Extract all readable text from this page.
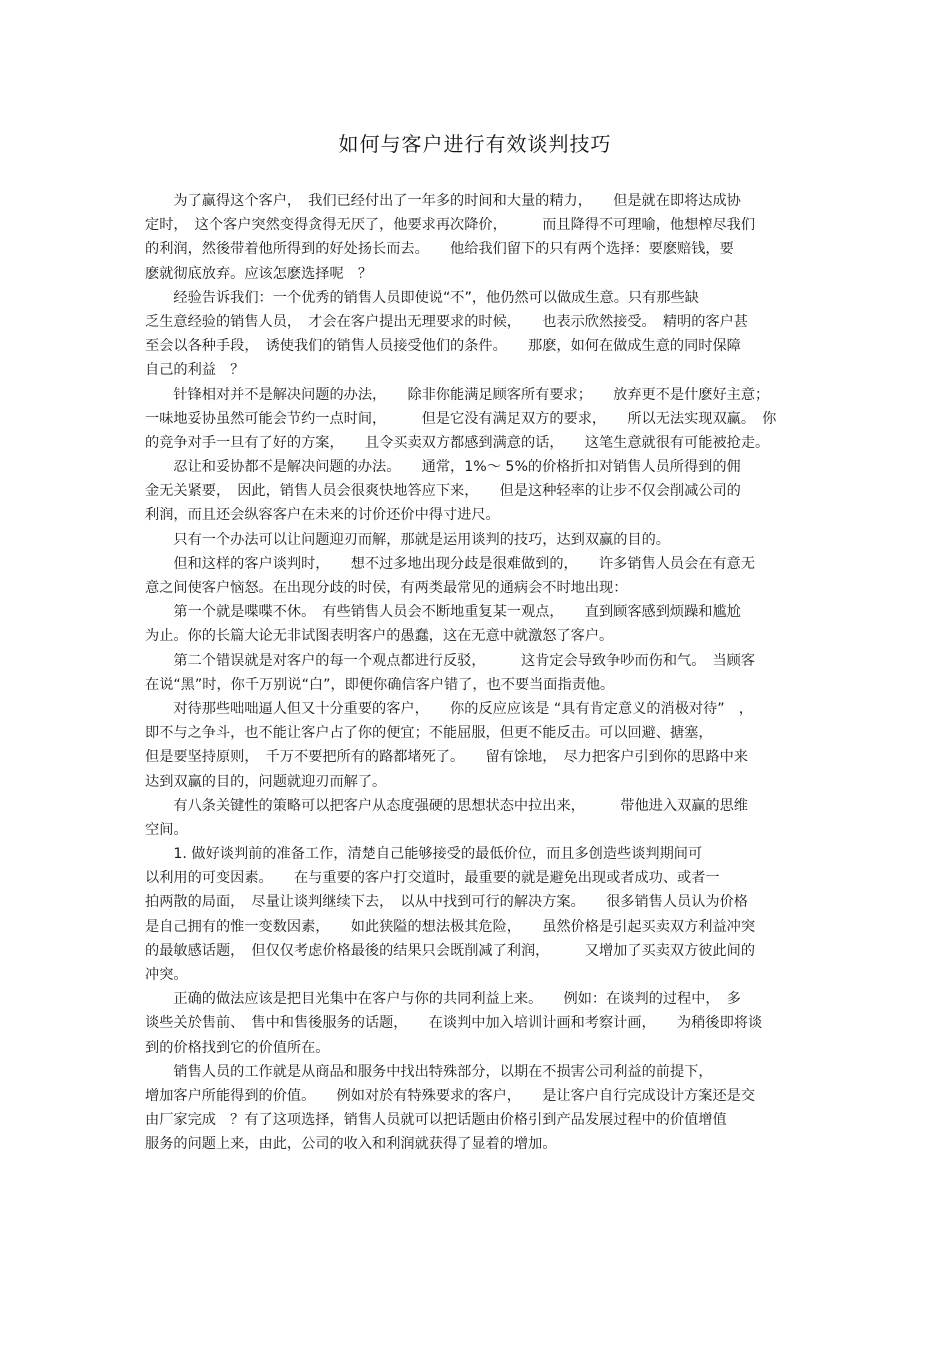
如何与客户进行有效谈判技巧
　　为了赢得这个客户，　我们已经付出了一年多的时间和大量的精力，　　但是就在即将达成协
定时，　这个客户突然变得贪得无厌了，他要求再次降价，　　　而且降得不可理喻，他想榨尽我们
的利润，然後带着他所得到的好处扬长而去。　　他给我们留下的只有两个选择：要麽赔钱，要
麽就彻底放弃。应该怎麽选择呢　？
　　经验告诉我们：一个优秀的销售人员即使说“不”，他仍然可以做成生意。只有那些缺
乏生意经验的销售人员，　才会在客户提出无理要求的时候，　　也表示欣然接受。　精明的客户甚
至会以各种手段，　诱使我们的销售人员接受他们的条件。　　那麽，如何在做成生意的同时保障
自己的利益　？
　　针锋相对并不是解决问题的办法，　　除非你能满足顾客所有要求；　　放弃更不是什麽好主意；
一味地妥协虽然可能会节约一点时间，　　　但是它没有满足双方的要求，　　所以无法实现双赢。　你
的竞争对手一旦有了好的方案，　　且令买卖双方都感到满意的话，　　这笔生意就很有可能被抢走。
　　忍让和妥协都不是解决问题的办法。　　通常，1%～ 5%的价格折扣对销售人员所得到的佣
金无关紧要，　因此，销售人员会很爽快地答应下来，　　但是这种轻率的让步不仅会削减公司的
利润，而且还会纵容客户在未来的讨价还价中得寸进尺。
　　只有一个办法可以让问题迎刃而解，那就是运用谈判的技巧，达到双赢的目的。
　　但和这样的客户谈判时，　　想不过多地出现分歧是很难做到的，　　许多销售人员会在有意无
意之间使客户恼怒。在出现分歧的时侯，有两类最常见的通病会不时地出现：
　　第一个就是喋喋不休。　有些销售人员会不断地重复某一观点，　　直到顾客感到烦躁和尴尬
为止。你的长篇大论无非试图表明客户的愚蠢，这在无意中就激怒了客户。
　　第二个错误就是对客户的每一个观点都进行反驳，　　　这肯定会导致争吵而伤和气。　当顾客
在说“黑”时，你千万别说“白”，即便你确信客户错了，也不要当面指责他。
　　对待那些咄咄逼人但又十分重要的客户，　　你的反应应该是 “具有肯定意义的消极对待”　，
即不与之争斗，也不能让客户占了你的便宜；不能屈服，但更不能反击。可以回避、搪塞，
但是要坚持原则，　千万不要把所有的路都堵死了。　　留有馀地，　尽力把客户引到你的思路中来
达到双赢的目的，问题就迎刃而解了。
　　有八条关键性的策略可以把客户从态度强硬的思想状态中拉出来，　　　带他进入双赢的思维
空间。
　　1. 做好谈判前的准备工作，清楚自己能够接受的最低价位，而且多创造些谈判期间可
以利用的可变因素。　　在与重要的客户打交道时，最重要的就是避免出现或者成功、或者一
拍两散的局面，　尽量让谈判继续下去，　以从中找到可行的解决方案。　　很多销售人员认为价格
是自己拥有的惟一变数因素，　　如此狭隘的想法极其危险，　　虽然价格是引起买卖双方利益冲突
的最敏感话题，　但仅仅考虑价格最後的结果只会既削减了利润，　　　又增加了买卖双方彼此间的
冲突。
　　正确的做法应该是把目光集中在客户与你的共同利益上来。　　例如：在谈判的过程中，　多
谈些关於售前、　售中和售後服务的话题，　　在谈判中加入培训计画和考察计画，　　为稍後即将谈
到的价格找到它的价值所在。
　　销售人员的工作就是从商品和服务中找出特殊部分，以期在不损害公司利益的前提下，
增加客户所能得到的价值。　　例如对於有特殊要求的客户，　　是让客户自行完成设计方案还是交
由厂家完成　？有了这项选择，销售人员就可以把话题由价格引到产品发展过程中的价值增值
服务的问题上来，由此，公司的收入和利润就获得了显着的增加。
